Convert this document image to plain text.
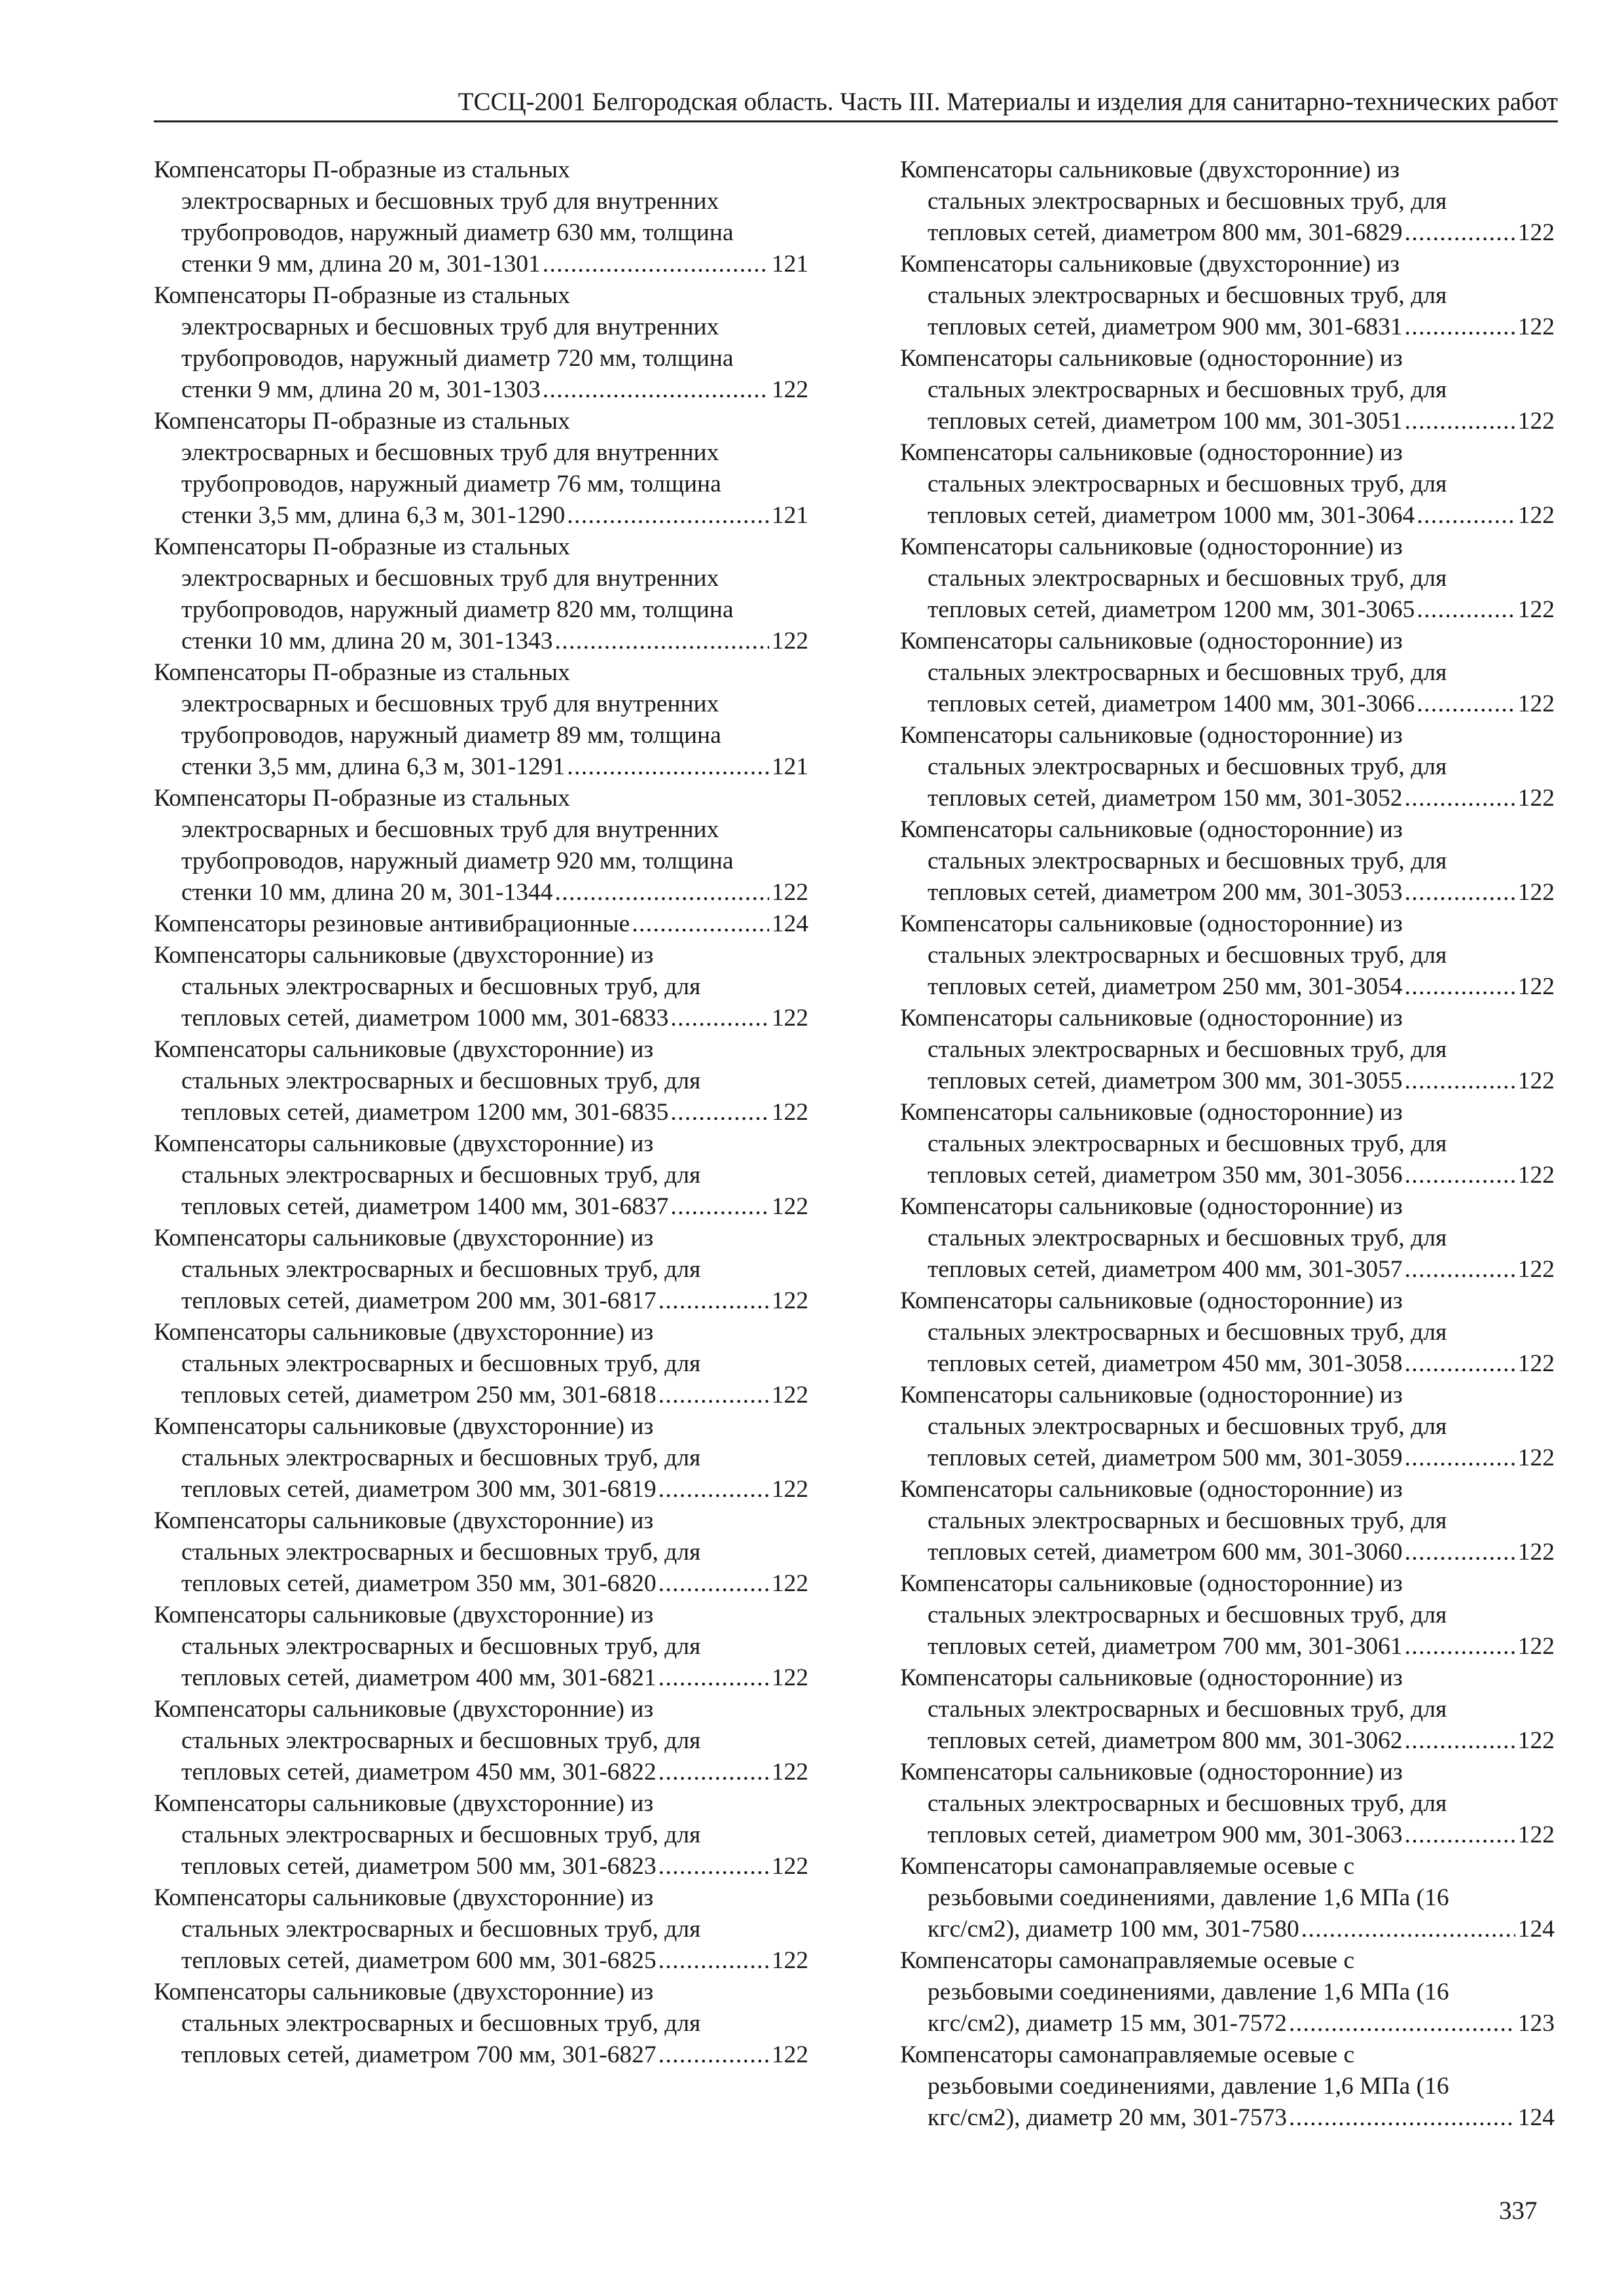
ТССЦ-2001 Белгородская область. Часть III. Материалы и изделия для санитарно-технических работ
Компенсаторы П-образные из стальных
электросварных и бесшовных труб для внутренних
трубопроводов, наружный диаметр 630 мм, толщина
стенки 9 мм, длина 20 м, 301-1301 . . .	121
Компенсаторы П-образные из стальных
электросварных и бесшовных труб для внутренних
трубопроводов, наружный диаметр 720 мм, толщина
стенки 9 мм, длина 20 м, 301-1303 . . .	122
Компенсаторы П-образные из стальных
электросварных и бесшовных труб для внутренних
трубопроводов, наружный диаметр 76 мм, толщина
стенки 3,5 мм, длина 6,3 м, 301-1290 . . .	121
Компенсаторы П-образные из стальных
электросварных и бесшовных труб для внутренних
трубопроводов, наружный диаметр 820 мм, толщина
стенки 10 мм, длина 20 м, 301-1343 . . .	122
Компенсаторы П-образные из стальных
электросварных и бесшовных труб для внутренних
трубопроводов, наружный диаметр 89 мм, толщина
стенки 3,5 мм, длина 6,3 м, 301-1291 . . .	121
Компенсаторы П-образные из стальных
электросварных и бесшовных труб для внутренних
трубопроводов, наружный диаметр 920 мм, толщина
стенки 10 мм, длина 20 м, 301-1344 . . .	122
Компенсаторы резиновые антивибрационные . . .	124
Компенсаторы сальниковые (двухсторонние) из
стальных электросварных и бесшовных труб, для
тепловых сетей, диаметром 1000 мм, 301-6833 . . .	122
Компенсаторы сальниковые (двухсторонние) из
стальных электросварных и бесшовных труб, для
тепловых сетей, диаметром 1200 мм, 301-6835 . . .	122
Компенсаторы сальниковые (двухсторонние) из
стальных электросварных и бесшовных труб, для
тепловых сетей, диаметром 1400 мм, 301-6837 . . .	122
Компенсаторы сальниковые (двухсторонние) из
стальных электросварных и бесшовных труб, для
тепловых сетей, диаметром 200 мм, 301-6817 . . .	122
Компенсаторы сальниковые (двухсторонние) из
стальных электросварных и бесшовных труб, для
тепловых сетей, диаметром 250 мм, 301-6818 . . .	122
Компенсаторы сальниковые (двухсторонние) из
стальных электросварных и бесшовных труб, для
тепловых сетей, диаметром 300 мм, 301-6819 . . .	122
Компенсаторы сальниковые (двухсторонние) из
стальных электросварных и бесшовных труб, для
тепловых сетей, диаметром 350 мм, 301-6820 . . .	122
Компенсаторы сальниковые (двухсторонние) из
стальных электросварных и бесшовных труб, для
тепловых сетей, диаметром 400 мм, 301-6821 . . .	122
Компенсаторы сальниковые (двухсторонние) из
стальных электросварных и бесшовных труб, для
тепловых сетей, диаметром 450 мм, 301-6822 . . .	122
Компенсаторы сальниковые (двухсторонние) из
стальных электросварных и бесшовных труб, для
тепловых сетей, диаметром 500 мм, 301-6823 . . .	122
Компенсаторы сальниковые (двухсторонние) из
стальных электросварных и бесшовных труб, для
тепловых сетей, диаметром 600 мм, 301-6825 . . .	122
Компенсаторы сальниковые (двухсторонние) из
стальных электросварных и бесшовных труб, для
тепловых сетей, диаметром 700 мм, 301-6827 . . .	122
Компенсаторы сальниковые (двухсторонние) из
стальных электросварных и бесшовных труб, для
тепловых сетей, диаметром 800 мм, 301-6829 . . .	122
Компенсаторы сальниковые (двухсторонние) из
стальных электросварных и бесшовных труб, для
тепловых сетей, диаметром 900 мм, 301-6831 . . .	122
Компенсаторы сальниковые (односторонние) из
стальных электросварных и бесшовных труб, для
тепловых сетей, диаметром 100 мм, 301-3051 . . .	122
Компенсаторы сальниковые (односторонние) из
стальных электросварных и бесшовных труб, для
тепловых сетей, диаметром 1000 мм, 301-3064 . . .	122
Компенсаторы сальниковые (односторонние) из
стальных электросварных и бесшовных труб, для
тепловых сетей, диаметром 1200 мм, 301-3065 . . .	122
Компенсаторы сальниковые (односторонние) из
стальных электросварных и бесшовных труб, для
тепловых сетей, диаметром 1400 мм, 301-3066 . . .	122
Компенсаторы сальниковые (односторонние) из
стальных электросварных и бесшовных труб, для
тепловых сетей, диаметром 150 мм, 301-3052 . . .	122
Компенсаторы сальниковые (односторонние) из
стальных электросварных и бесшовных труб, для
тепловых сетей, диаметром 200 мм, 301-3053 . . .	122
Компенсаторы сальниковые (односторонние) из
стальных электросварных и бесшовных труб, для
тепловых сетей, диаметром 250 мм, 301-3054 . . .	122
Компенсаторы сальниковые (односторонние) из
стальных электросварных и бесшовных труб, для
тепловых сетей, диаметром 300 мм, 301-3055 . . .	122
Компенсаторы сальниковые (односторонние) из
стальных электросварных и бесшовных труб, для
тепловых сетей, диаметром 350 мм, 301-3056 . . .	122
Компенсаторы сальниковые (односторонние) из
стальных электросварных и бесшовных труб, для
тепловых сетей, диаметром 400 мм, 301-3057 . . .	122
Компенсаторы сальниковые (односторонние) из
стальных электросварных и бесшовных труб, для
тепловых сетей, диаметром 450 мм, 301-3058 . . .	122
Компенсаторы сальниковые (односторонние) из
стальных электросварных и бесшовных труб, для
тепловых сетей, диаметром 500 мм, 301-3059 . . .	122
Компенсаторы сальниковые (односторонние) из
стальных электросварных и бесшовных труб, для
тепловых сетей, диаметром 600 мм, 301-3060 . . .	122
Компенсаторы сальниковые (односторонние) из
стальных электросварных и бесшовных труб, для
тепловых сетей, диаметром 700 мм, 301-3061 . . .	122
Компенсаторы сальниковые (односторонние) из
стальных электросварных и бесшовных труб, для
тепловых сетей, диаметром 800 мм, 301-3062 . . .	122
Компенсаторы сальниковые (односторонние) из
стальных электросварных и бесшовных труб, для
тепловых сетей, диаметром 900 мм, 301-3063 . . .	122
Компенсаторы самонаправляемые осевые с
резьбовыми соединениями, давление 1,6 МПа (16
кгс/см2), диаметр 100 мм, 301-7580 . . .	124
Компенсаторы самонаправляемые осевые с
резьбовыми соединениями, давление 1,6 МПа (16
кгс/см2), диаметр 15 мм, 301-7572 . . .	123
Компенсаторы самонаправляемые осевые с
резьбовыми соединениями, давление 1,6 МПа (16
кгс/см2), диаметр 20 мм, 301-7573 . . .	124
337
